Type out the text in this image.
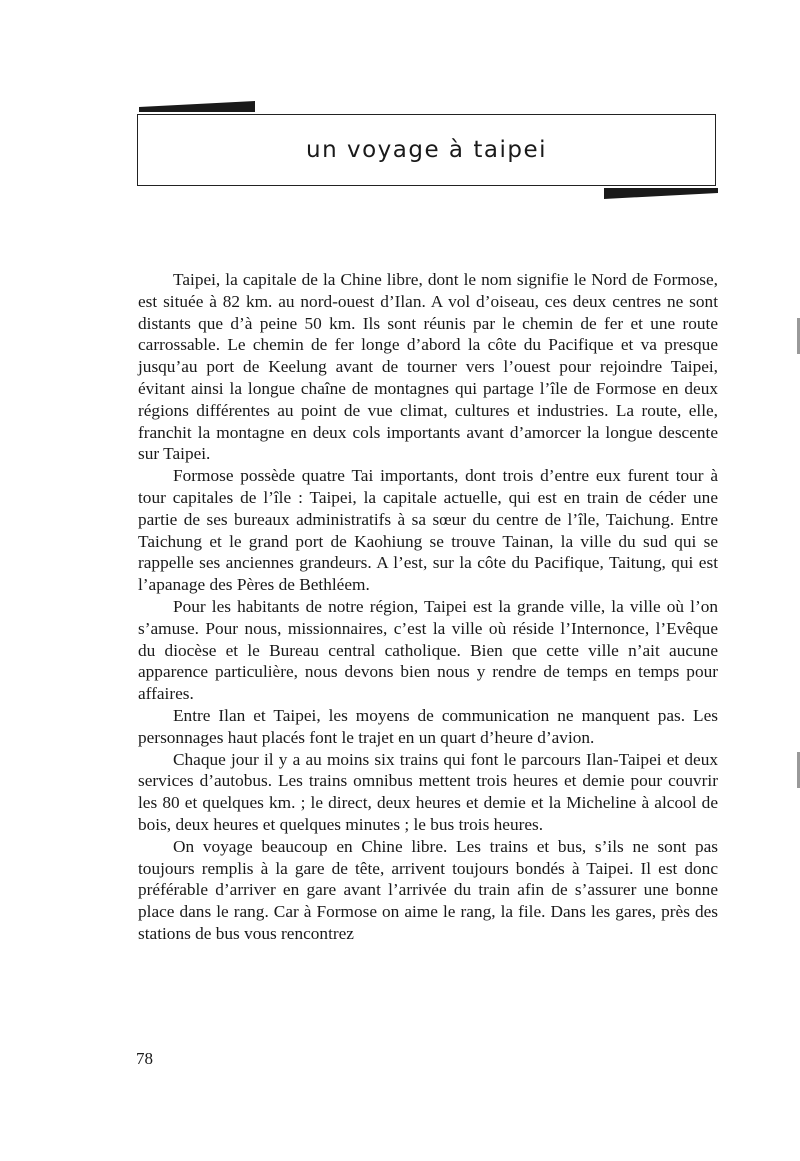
un voyage à taipei

Taipei, la capitale de la Chine libre, dont le nom signifie le Nord de Formose, est située à 82 km. au nord-ouest d’Ilan. A vol d’oiseau, ces deux centres ne sont distants que d’à peine 50 km. Ils sont réunis par le chemin de fer et une route carrossable. Le chemin de fer longe d’abord la côte du Pacifique et va presque jusqu’au port de Keelung avant de tourner vers l’ouest pour rejoindre Taipei, évitant ainsi la longue chaîne de montagnes qui partage l’île de Formose en deux régions différentes au point de vue climat, cultures et industries. La route, elle, franchit la montagne en deux cols importants avant d’amorcer la longue descente sur Taipei.

Formose possède quatre Tai importants, dont trois d’entre eux furent tour à tour capitales de l’île : Taipei, la capitale actuelle, qui est en train de céder une partie de ses bureaux administratifs à sa sœur du centre de l’île, Taichung. Entre Taichung et le grand port de Kaohiung se trouve Tainan, la ville du sud qui se rappelle ses anciennes grandeurs. A l’est, sur la côte du Pacifique, Taitung, qui est l’apanage des Pères de Bethléem.

Pour les habitants de notre région, Taipei est la grande ville, la ville où l’on s’amuse. Pour nous, missionnaires, c’est la ville où réside l’Internonce, l’Evêque du diocèse et le Bureau central catholique. Bien que cette ville n’ait aucune apparence particulière, nous devons bien nous y rendre de temps en temps pour affaires.

Entre Ilan et Taipei, les moyens de communication ne manquent pas. Les personnages haut placés font le trajet en un quart d’heure d’avion.

Chaque jour il y a au moins six trains qui font le parcours Ilan-Taipei et deux services d’autobus. Les trains omnibus mettent trois heures et demie pour couvrir les 80 et quelques km. ; le direct, deux heures et demie et la Micheline à alcool de bois, deux heures et quelques minutes ; le bus trois heures.

On voyage beaucoup en Chine libre. Les trains et bus, s’ils ne sont pas toujours remplis à la gare de tête, arrivent toujours bondés à Taipei. Il est donc préférable d’arriver en gare avant l’arrivée du train afin de s’assurer une bonne place dans le rang. Car à Formose on aime le rang, la file. Dans les gares, près des stations de bus vous rencontrez

78
